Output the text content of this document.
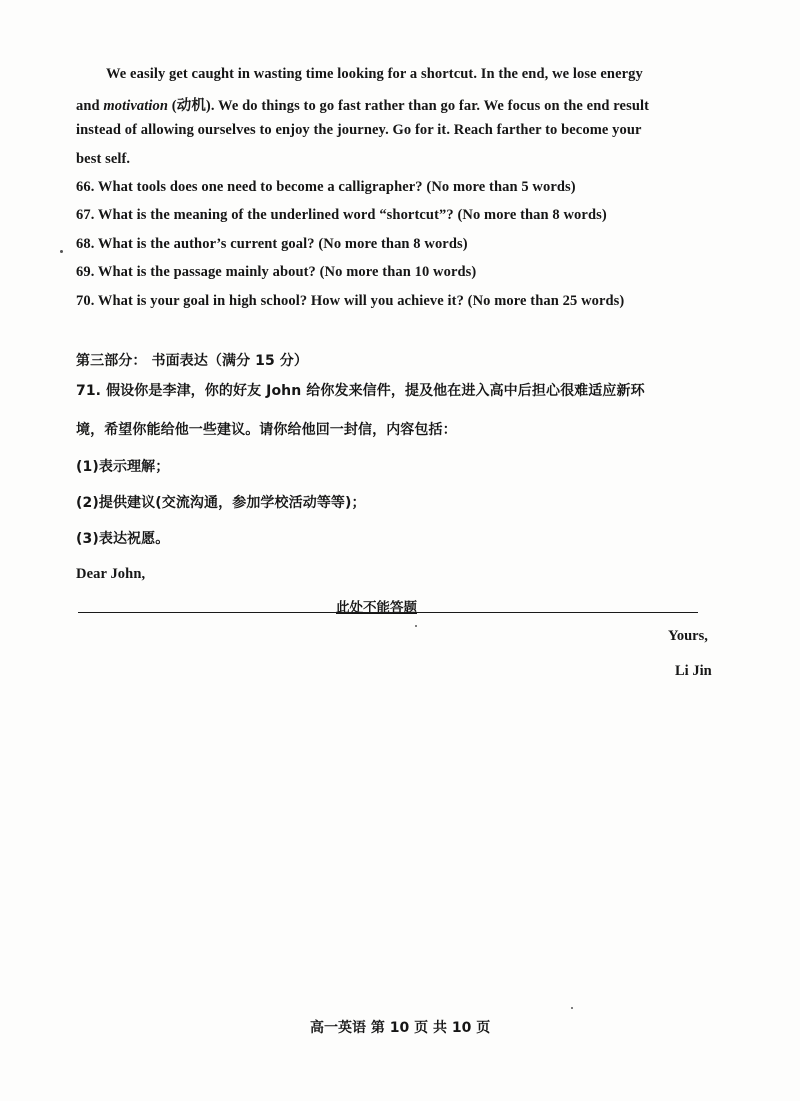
We easily get caught in wasting time looking for a shortcut. In the end, we lose energy
and motivation (动机). We do things to go fast rather than go far. We focus on the end result
instead of allowing ourselves to enjoy the journey. Go for it. Reach farther to become your
best self.
66. What tools does one need to become a calligrapher? (No more than 5 words)
67. What is the meaning of the underlined word “shortcut”? (No more than 8 words)
68. What is the author’s current goal? (No more than 8 words)
69. What is the passage mainly about? (No more than 10 words)
70. What is your goal in high school? How will you achieve it? (No more than 25 words)
第三部分： 书面表达（满分 15 分）
71. 假设你是李津，你的好友 John 给你发来信件，提及他在进入高中后担心很难适应新环
境，希望你能给他一些建议。请你给他回一封信，内容包括：
(1)表示理解；
(2)提供建议(交流沟通，参加学校活动等等)；
(3)表达祝愿。
Dear John,
此处不能答题
Yours,
Li Jin
高一英语 第 10 页 共 10 页
